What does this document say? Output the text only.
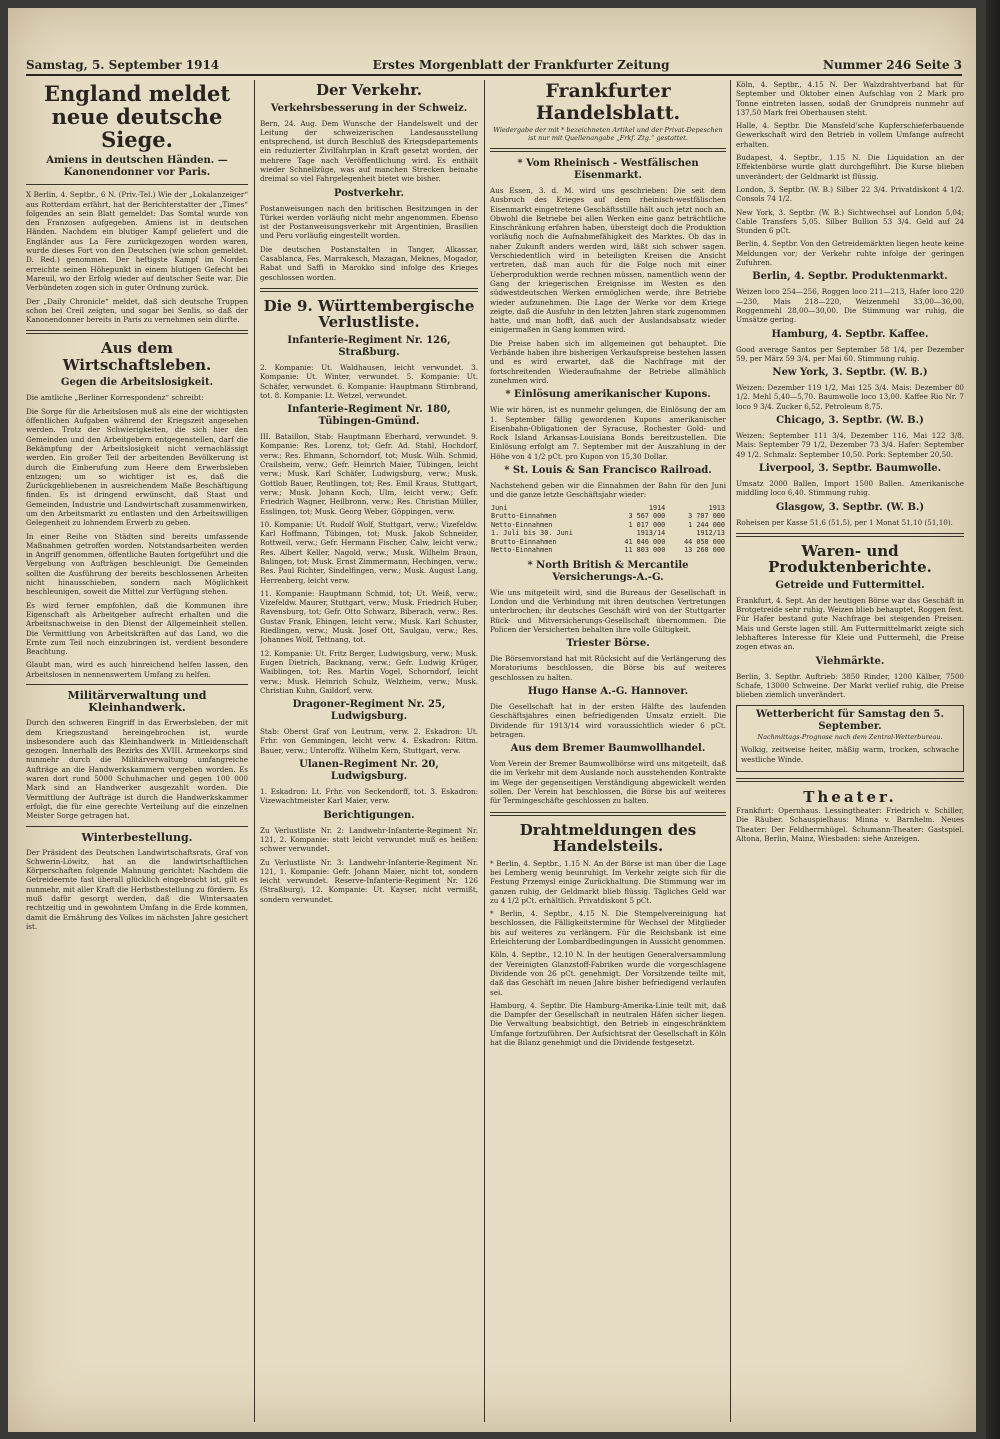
Samstag, 5. September 1914	Erstes Morgenblatt der Frankfurter Zeitung	Nummer 246 Seite 3
England meldet neue deutsche Siege.
Amiens in deutschen Händen. — Kanonendonner vor Paris.

X Berlin, 4. Septbr., 6 N. (Priv.-Tel.) Wie der „Lokalanzeiger“ aus Rotterdam erfährt, hat der Berichterstatter der „Times“ folgendes an sein Blatt gemeldet: Das Somtal wurde von den Franzosen aufgegeben. Amiens ist in deutschen Händen. Nachdem ein blutiger Kampf geliefert und die Engländer aus La Fère zurückgezogen worden waren, wurde dieses Fort von den Deutschen (wie schon gemeldet. D. Red.) genommen. Der heftigste Kampf im Norden erreichte seinen Höhepunkt in einem blutigen Gefecht bei Mareuil, wo der Erfolg wieder auf deutscher Seite war. Die Verbündeten zogen sich in guter Ordnung zurück.

Der „Daily Chronicle“ meldet, daß sich deutsche Truppen schon bei Creil zeigten, und sogar bei Senlis, so daß der Kanonendonner bereits in Paris zu vernehmen sein dürfte.

Aus dem Wirtschaftsleben.
Gegen die Arbeitslosigkeit.

Die amtliche „Berliner Korrespondenz“ schreibt:

Die Sorge für die Arbeitslosen muß als eine der wichtigsten öffentlichen Aufgaben während der Kriegszeit angesehen werden. Trotz der Schwierigkeiten, die sich hier den Gemeinden und den Arbeitgebern entgegenstellen, darf die Bekämpfung der Arbeitslosigkeit nicht vernachlässigt werden. Ein großer Teil der arbeitenden Bevölkerung ist durch die Einberufung zum Heere dem Erwerbsleben entzogen; um so wichtiger ist es, daß die Zurückgebliebenen in ausreichendem Maße Beschäftigung finden. Es ist dringend erwünscht, daß Staat und Gemeinden, Industrie und Landwirtschaft zusammenwirken, um den Arbeitsmarkt zu entlasten und den Arbeitswilligen Gelegenheit zu lohnendem Erwerb zu geben.

In einer Reihe von Städten sind bereits umfassende Maßnahmen getroffen worden. Notstandsarbeiten werden in Angriff genommen, öffentliche Bauten fortgeführt und die Vergebung von Aufträgen beschleunigt. Die Gemeinden sollten die Ausführung der bereits beschlossenen Arbeiten nicht hinausschieben, sondern nach Möglichkeit beschleunigen, soweit die Mittel zur Verfügung stehen.

Es wird ferner empfohlen, daß die Kommunen ihre Eigenschaft als Arbeitgeber aufrecht erhalten und die Arbeitsnachweise in den Dienst der Allgemeinheit stellen. Die Vermittlung von Arbeitskräften auf das Land, wo die Ernte zum Teil noch einzubringen ist, verdient besondere Beachtung.

Glaubt man, wird es auch hinreichend helfen lassen, den Arbeitslosen in nennenswertem Umfang zu helfen.

Militärverwaltung und Kleinhandwerk.

Durch den schweren Eingriff in das Erwerbsleben, der mit dem Kriegszustand hereingebrochen ist, wurde insbesondere auch das Kleinhandwerk in Mitleidenschaft gezogen. Innerhalb des Bezirks des XVIII. Armeekorps sind nunmehr durch die Militärverwaltung umfangreiche Aufträge an die Handwerkskammern vergeben worden. Es waren dort rund 5000 Schuhmacher und gegen 100 000 Mark sind an Handwerker ausgezahlt worden. Die Vermittlung der Aufträge ist durch die Handwerkskammer erfolgt, die für eine gerechte Verteilung auf die einzelnen Meister Sorge getragen hat.

Winterbestellung.

Der Präsident des Deutschen Landwirtschaftsrats, Graf von Schwerin-Löwitz, hat an die landwirtschaftlichen Körperschaften folgende Mahnung gerichtet: Nachdem die Getreideernte fast überall glücklich eingebracht ist, gilt es nunmehr, mit aller Kraft die Herbstbestellung zu fördern. Es muß dafür gesorgt werden, daß die Wintersaaten rechtzeitig und in gewohntem Umfang in die Erde kommen, damit die Ernährung des Volkes im nächsten Jahre gesichert ist.

Der Verkehr.
Verkehrsbesserung in der Schweiz.

Bern, 24. Aug. Dem Wunsche der Handelswelt und der Leitung der schweizerischen Landesausstellung entsprechend, ist durch Beschluß des Kriegsdepartements ein reduzierter Zivilfahrplan in Kraft gesetzt worden, der mehrere Tage nach Veröffentlichung wird. Es enthält wieder Schnellzüge, was auf manchen Strecken beinahe dreimal so viel Fahrgelegenheit bietet wie bisher.

Postverkehr.

Postanweisungen nach den britischen Besitzungen in der Türkei werden vorläufig nicht mehr angenommen. Ebenso ist der Postanweisungsverkehr mit Argentinien, Brasilien und Peru vorläufig eingestellt worden.

Die deutschen Postanstalten in Tanger, Alkassar, Casablanca, Fes, Marrakesch, Mazagan, Meknes, Mogador, Rabat und Saffi in Marokko sind infolge des Krieges geschlossen worden.

Die 9. Württembergische Verlustliste.
Infanterie-Regiment Nr. 126, Straßburg.

2. Kompanie: Ut. Waldhausen, leicht verwundet. 3. Kompanie: Ut. Winter, verwundet. 5. Kompanie: Ut. Schäfer, verwundet. 6. Kompanie: Hauptmann Stirnbrand, tot. 8. Kompanie: Lt. Wetzel, verwundet.

Infanterie-Regiment Nr. 180, Tübingen-Gmünd.

III. Bataillon, Stab: Hauptmann Eberhard, verwundet. 9. Kompanie: Res. Lorenz, tot; Gefr. Ad. Stahl, Hochdorf, verw.; Res. Ehmann, Schorndorf, tot; Musk. Wilh. Schmid, Crailsheim, verw.; Gefr. Heinrich Maier, Tübingen, leicht verw.; Musk. Karl Schäfer, Ludwigsburg, verw.; Musk. Gottlob Bauer, Reutlingen, tot; Res. Emil Kraus, Stuttgart, verw.; Musk. Johann Koch, Ulm, leicht verw.; Gefr. Friedrich Wagner, Heilbronn, verw.; Res. Christian Müller, Esslingen, tot; Musk. Georg Weber, Göppingen, verw.

10. Kompanie: Ut. Rudolf Wolf, Stuttgart, verw.; Vizefeldw. Karl Hoffmann, Tübingen, tot; Musk. Jakob Schneider, Rottweil, verw.; Gefr. Hermann Fischer, Calw, leicht verw.; Res. Albert Keller, Nagold, verw.; Musk. Wilhelm Braun, Balingen, tot; Musk. Ernst Zimmermann, Hechingen, verw.; Res. Paul Richter, Sindelfingen, verw.; Musk. August Lang, Herrenberg, leicht verw.

11. Kompanie: Hauptmann Schmid, tot; Ut. Weiß, verw.; Vizefeldw. Maurer, Stuttgart, verw.; Musk. Friedrich Huber, Ravensburg, tot; Gefr. Otto Schwarz, Biberach, verw.; Res. Gustav Frank, Ehingen, leicht verw.; Musk. Karl Schuster, Riedlingen, verw.; Musk. Josef Ott, Saulgau, verw.; Res. Johannes Wolf, Tettnang, tot.

12. Kompanie: Ut. Fritz Berger, Ludwigsburg, verw.; Musk. Eugen Dietrich, Backnang, verw.; Gefr. Ludwig Krüger, Waiblingen, tot; Res. Martin Vogel, Schorndorf, leicht verw.; Musk. Heinrich Schulz, Welzheim, verw.; Musk. Christian Kuhn, Gaildorf, verw.

Dragoner-Regiment Nr. 25, Ludwigsburg.

Stab: Oberst Graf von Leutrum, verw. 2. Eskadron: Ut. Frhr. von Gemmingen, leicht verw. 4. Eskadron: Rittm. Bauer, verw.; Unteroffz. Wilhelm Kern, Stuttgart, verw.

Ulanen-Regiment Nr. 20, Ludwigsburg.

1. Eskadron: Lt. Frhr. von Seckendorff, tot. 3. Eskadron: Vizewachtmeister Karl Maier, verw.

Berichtigungen.

Zu Verlustliste Nr. 2: Landwehr-Infanterie-Regiment Nr. 121, 2. Kompanie: statt leicht verwundet muß es heißen: schwer verwundet.

Zu Verlustliste Nr. 3: Landwehr-Infanterie-Regiment Nr. 121, 1. Kompanie: Gefr. Johann Maier, nicht tot, sondern leicht verwundet. Reserve-Infanterie-Regiment Nr. 126 (Straßburg), 12. Kompanie: Ut. Kayser, nicht vermißt, sondern verwundet.

Frankfurter Handelsblatt.
Wiedergabe der mit * bezeichneten Artikel und der Privat-Depeschen ist nur mit Quellenangabe „Frkf. Ztg.“ gestattet.
* Vom Rheinisch - Westfälischen Eisenmarkt.

Aus Essen, 3. d. M. wird uns geschrieben: Die seit dem Ausbruch des Krieges auf dem rheinisch-westfälischen Eisenmarkt eingetretene Geschäftsstille hält auch jetzt noch an. Obwohl die Betriebe bei allen Werken eine ganz beträchtliche Einschränkung erfahren haben, übersteigt doch die Produktion vorläufig noch die Aufnahmefähigkeit des Marktes. Ob das in naher Zukunft anders werden wird, läßt sich schwer sagen. Verschiedentlich wird in beteiligten Kreisen die Ansicht vertreten, daß man auch für die Folge noch mit einer Ueberproduktion werde rechnen müssen, namentlich wenn der Gang der kriegerischen Ereignisse im Westen es den südwestdeutschen Werken ermöglichen werde, ihre Betriebe wieder aufzunehmen. Die Lage der Werke vor dem Kriege zeigte, daß die Ausfuhr in den letzten Jahren stark zugenommen hatte, und man hofft, daß auch der Auslandsabsatz wieder einigermaßen in Gang kommen wird.

Die Preise haben sich im allgemeinen gut behauptet. Die Verbände haben ihre bisherigen Verkaufspreise bestehen lassen und es wird erwartet, daß die Nachfrage mit der fortschreitenden Wiederaufnahme der Betriebe allmählich zunehmen wird.

* Einlösung amerikanischer Kupons.

Wie wir hören, ist es nunmehr gelungen, die Einlösung der am 1. September fällig gewordenen Kupons amerikanischer Eisenbahn-Obligationen der Syracuse, Rochester Gold- und Rock Island Arkansas-Louisiana Bonds bereitzustellen. Die Einlösung erfolgt am 7. September mit der Auszahlung in der Höhe von 4 1/2 pCt. pro Kupon von 15,30 Dollar.

* St. Louis & San Francisco Railroad.

Nachstehend geben wir die Einnahmen der Bahn für den Juni und die ganze letzte Geschäftsjahr wieder:

Juni	1914	1913
Brutto-Einnahmen	3 567 000	3 707 000
Netto-Einnahmen	1 017 000	1 244 000
1. Juli bis 30. Juni	1913/14	1912/13
Brutto-Einnahmen	41 046 000	44 050 000
Netto-Einnahmen	11 803 000	13 260 000
* North British & Mercantile Versicherungs-A.-G.

Wie uns mitgeteilt wird, sind die Bureaus der Gesellschaft in London und die Verbindung mit ihren deutschen Vertretungen unterbrochen; ihr deutsches Geschäft wird von der Stuttgarter Rück- und Mitversicherungs-Gesellschaft übernommen. Die Policen der Versicherten behalten ihre volle Gültigkeit.

Triester Börse.

Die Börsenvorstand hat mit Rücksicht auf die Verlängerung des Moratoriums beschlossen, die Börse bis auf weiteres geschlossen zu halten.

Hugo Hanse A.-G. Hannover.

Die Gesellschaft hat in der ersten Hälfte des laufenden Geschäftsjahres einen befriedigenden Umsatz erzielt. Die Dividende für 1913/14 wird voraussichtlich wieder 6 pCt. betragen.

Aus dem Bremer Baumwollhandel.

Vom Verein der Bremer Baumwollbörse wird uns mitgeteilt, daß die im Verkehr mit dem Auslande noch ausstehenden Kontrakte im Wege der gegenseitigen Verständigung abgewickelt werden sollen. Der Verein hat beschlossen, die Börse bis auf weiteres für Termingeschäfte geschlossen zu halten.

Drahtmeldungen des Handelsteils.

* Berlin, 4. Septbr., 1.15 N. An der Börse ist man über die Lage bei Lemberg wenig beunruhigt. Im Verkehr zeigte sich für die Festung Przemysl einige Zurückhaltung. Die Stimmung war im ganzen ruhig, der Geldmarkt blieb flüssig. Tägliches Geld war zu 4 1/2 pCt. erhältlich. Privatdiskont 5 pCt.

* Berlin, 4. Septbr., 4.15 N. Die Stempelvereinigung hat beschlossen, die Fälligkeitstermine für Wechsel der Mitglieder bis auf weiteres zu verlängern. Für die Reichsbank ist eine Erleichterung der Lombardbedingungen in Aussicht genommen.

Köln, 4. Septbr., 12.10 N. In der heutigen Generalversammlung der Vereinigten Glanzstoff-Fabriken wurde die vorgeschlagene Dividende von 26 pCt. genehmigt. Der Vorsitzende teilte mit, daß das Geschäft im neuen Jahre bisher befriedigend verlaufen sei.

Hamburg, 4. Septbr. Die Hamburg-Amerika-Linie teilt mit, daß die Dampfer der Gesellschaft in neutralen Häfen sicher liegen. Die Verwaltung beabsichtigt, den Betrieb in eingeschränktem Umfange fortzuführen. Der Aufsichtsrat der Gesellschaft in Köln hat die Bilanz genehmigt und die Dividende festgesetzt.

Köln, 4. Septbr., 4.15 N. Der Walzdrahtverband hat für September und Oktober einen Aufschlag von 2 Mark pro Tonne eintreten lassen, sodaß der Grundpreis nunmehr auf 137,50 Mark frei Oberhausen steht.

Halle, 4. Septbr. Die Mansfeld'sche Kupferschieferbauende Gewerkschaft wird den Betrieb in vollem Umfange aufrecht erhalten.

Budapest, 4. Septbr., 1.15 N. Die Liquidation an der Effektenbörse wurde glatt durchgeführt. Die Kurse blieben unverändert; der Geldmarkt ist flüssig.

London, 3. Septbr. (W. B.) Silber 22 3/4. Privatdiskont 4 1/2. Consols 74 1/2.

New York, 3. Septbr. (W. B.) Sichtwechsel auf London 5,04; Cable Transfers 5,05. Silber Bullion 53 3/4. Geld auf 24 Stunden 6 pCt.

Berlin, 4. Septbr. Von den Getreidemärkten liegen heute keine Meldungen vor; der Verkehr ruhte infolge der geringen Zufuhren.

Berlin, 4. Septbr. Produktenmarkt.

Weizen loco 254—256, Roggen loco 211—213, Hafer loco 220—230, Mais 218—220, Weizenmehl 33,00—36,00, Roggenmehl 28,00—30,00. Die Stimmung war ruhig, die Umsätze gering.

Hamburg, 4. Septbr. Kaffee.

Good average Santos per September 58 1/4, per Dezember 59, per März 59 3/4, per Mai 60. Stimmung ruhig.

New York, 3. Septbr. (W. B.)

Weizen: Dezember 119 1/2, Mai 125 3/4. Mais: Dezember 80 1/2. Mehl 5,40—5,70. Baumwolle loco 13,00. Kaffee Rio Nr. 7 loco 9 3/4. Zucker 6,52. Petroleum 8,75.

Chicago, 3. Septbr. (W. B.)

Weizen: September 111 3/4, Dezember 116, Mai 122 3/8. Mais: September 79 1/2, Dezember 73 3/4. Hafer: September 49 1/2. Schmalz: September 10,50. Pork: September 20,50.

Liverpool, 3. Septbr. Baumwolle.

Umsatz 2000 Ballen, Import 1500 Ballen. Amerikanische middling loco 6,40. Stimmung ruhig.

Glasgow, 3. Septbr. (W. B.)

Roheisen per Kasse 51,6 (51,5), per 1 Monat 51,10 (51,10).

Waren- und Produktenberichte.
Getreide und Futtermittel.

Frankfurt, 4. Sept. An der heutigen Börse war das Geschäft in Brotgetreide sehr ruhig. Weizen blieb behauptet, Roggen fest. Für Hafer bestand gute Nachfrage bei steigenden Preisen. Mais und Gerste lagen still. Am Futtermittelmarkt zeigte sich lebhafteres Interesse für Kleie und Futtermehl, die Preise zogen etwas an.

Viehmärkte.

Berlin, 3. Septbr. Auftrieb: 3850 Rinder, 1200 Kälber, 7500 Schafe, 13000 Schweine. Der Markt verlief ruhig, die Preise blieben ziemlich unverändert.

Wetterbericht für Samstag den 5. September.
Nachmittags-Prognose nach dem Zentral-Wetterbureau.

Wolkig, zeitweise heiter, mäßig warm, trocken, schwache westliche Winde.

Theater.

Frankfurt: Opernhaus. Lessingtheater: Friedrich v. Schiller, Die Räuber. Schauspielhaus: Minna v. Barnhelm. Neues Theater: Der Feldherrnhügel. Schumann-Theater: Gastspiel. Altona, Berlin, Mainz, Wiesbaden: siehe Anzeigen.
